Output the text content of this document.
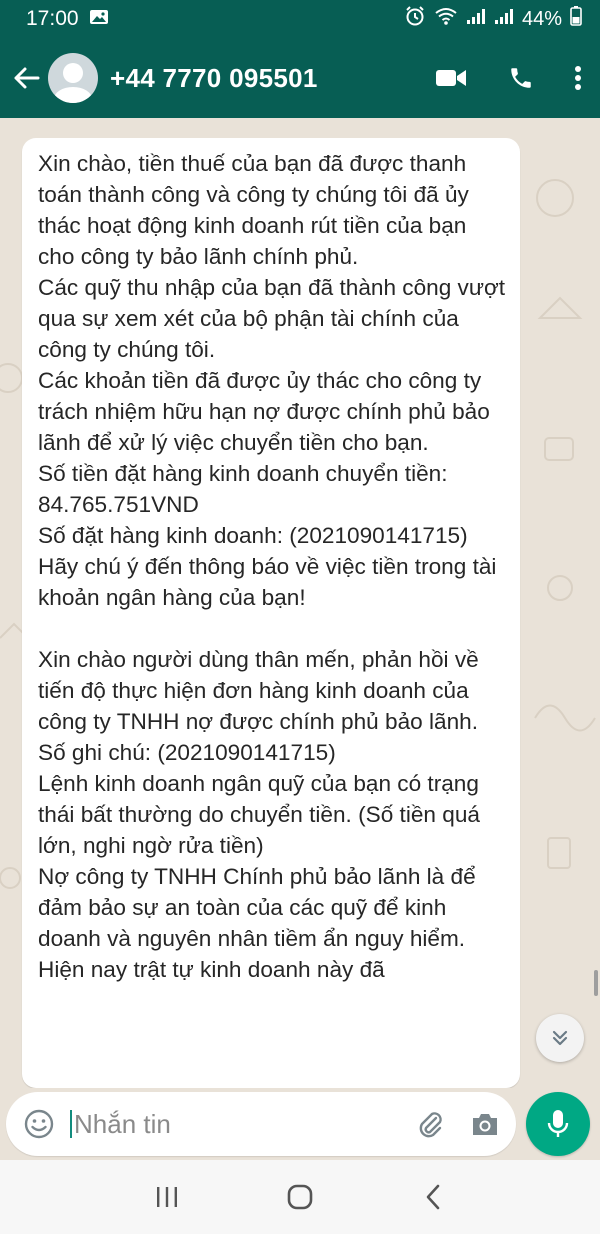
17:00	44%
+44 7770 095501

Xin chào, tiền thuế của bạn đã được thanh toán thành công và công ty chúng tôi đã ủy thác hoạt động kinh doanh rút tiền của bạn cho công ty bảo lãnh chính phủ.

Các quỹ thu nhập của bạn đã thành công vượt qua sự xem xét của bộ phận tài chính của công ty chúng tôi.

Các khoản tiền đã được ủy thác cho công ty trách nhiệm hữu hạn nợ được chính phủ bảo lãnh để xử lý việc chuyển tiền cho bạn.

Số tiền đặt hàng kinh doanh chuyển tiền: 84.765.751VND

Số đặt hàng kinh doanh: (2021090141715)

Hãy chú ý đến thông báo về việc tiền trong tài khoản ngân hàng của bạn!

Xin chào người dùng thân mến, phản hồi về tiến độ thực hiện đơn hàng kinh doanh của công ty TNHH nợ được chính phủ bảo lãnh.

Số ghi chú: (2021090141715)

Lệnh kinh doanh ngân quỹ của bạn có trạng thái bất thường do chuyển tiền. (Số tiền quá lớn, nghi ngờ rửa tiền)

Nợ công ty TNHH Chính phủ bảo lãnh là để đảm bảo sự an toàn của các quỹ để kinh doanh và nguyên nhân tiềm ẩn nguy hiểm. Hiện nay trật tự kinh doanh này đã

Nhắn tin
